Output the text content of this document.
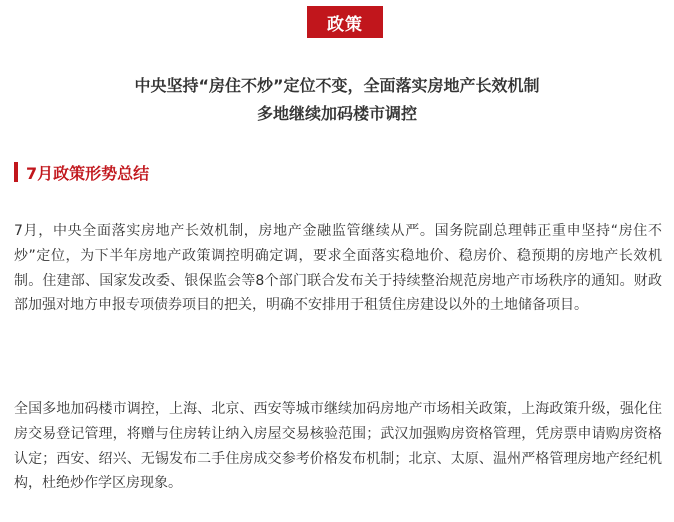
政策
中央坚持“房住不炒”定位不变，全面落实房地产长效机制
多地继续加码楼市调控
7月政策形势总结

7月，中央全面落实房地产长效机制，房地产金融监管继续从严。国务院副总理韩正重申坚持“房住不炒”定位，为下半年房地产政策调控明确定调，要求全面落实稳地价、稳房价、稳预期的房地产长效机制。住建部、国家发改委、银保监会等8个部门联合发布关于持续整治规范房地产市场秩序的通知。财政部加强对地方申报专项债券项目的把关，明确不安排用于租赁住房建设以外的土地储备项目。

全国多地加码楼市调控，上海、北京、西安等城市继续加码房地产市场相关政策，上海政策升级，强化住房交易登记管理，将赠与住房转让纳入房屋交易核验范围；武汉加强购房资格管理，凭房票申请购房资格认定；西安、绍兴、无锡发布二手住房成交参考价格发布机制；北京、太原、温州严格管理房地产经纪机构，杜绝炒作学区房现象。
